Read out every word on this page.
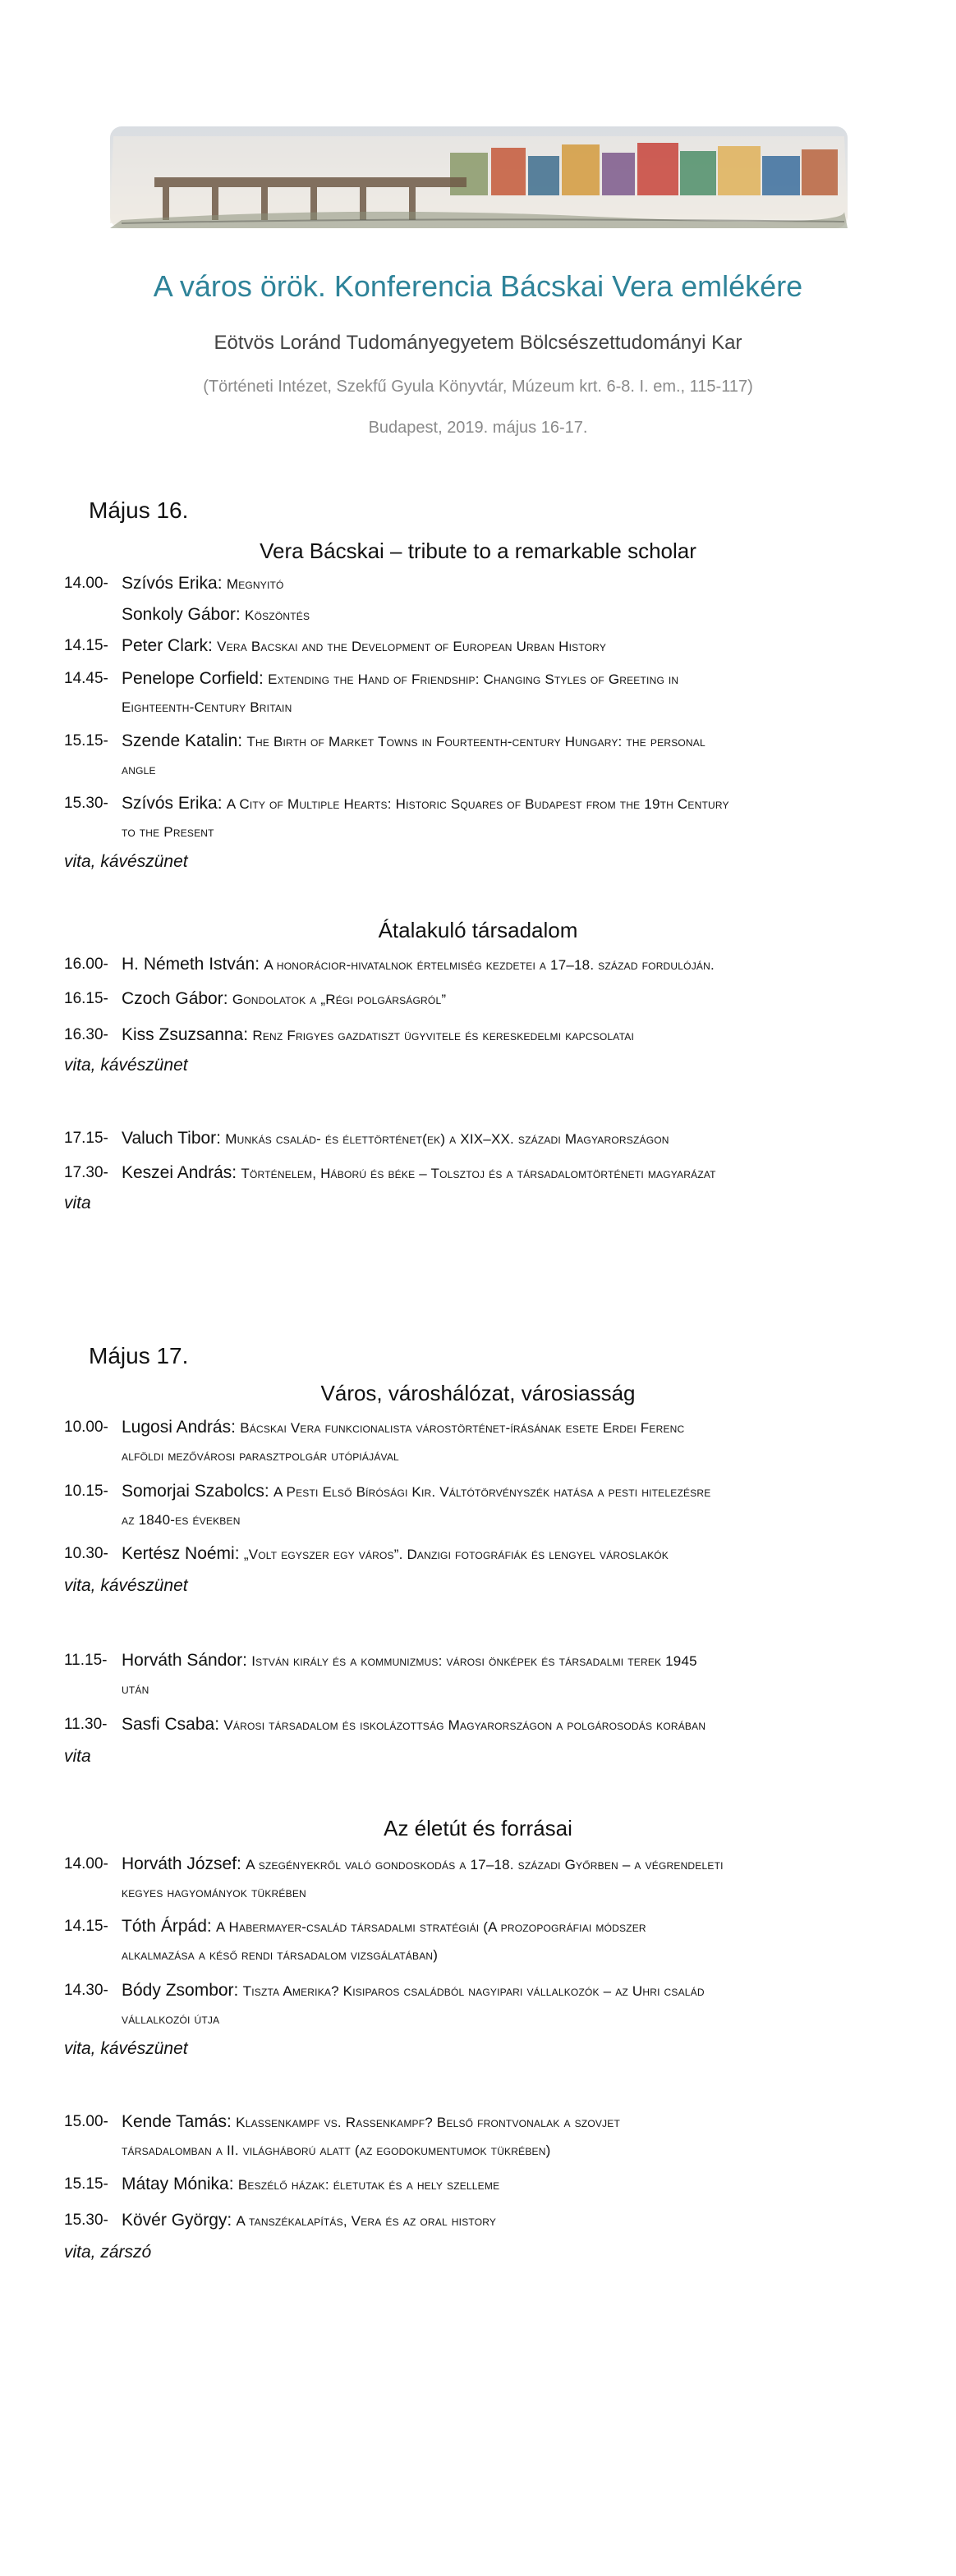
A város örök. Konferencia Bácskai Vera emlékére
Eötvös Loránd Tudományegyetem Bölcsészettudományi Kar
(Történeti Intézet, Szekfű Gyula Könyvtár, Múzeum krt. 6-8. I. em., 115-117)
Budapest, 2019. május 16-17.
Május 16.
Vera Bácskai – tribute to a remarkable scholar
14.00- Szívós Erika: Megnyitó
Sonkoly Gábor: Köszöntés
14.15- Peter Clark: Vera Bacskai and the Development of European Urban History
14.45- Penelope Corfield: Extending the Hand of Friendship: Changing Styles of Greeting in
Eighteenth-Century Britain
15.15- Szende Katalin: The Birth of Market Towns in Fourteenth-century Hungary: the personal
angle
15.30- Szívós Erika: A City of Multiple Hearts: Historic Squares of Budapest from the 19th Century
to the Present
vita, kávészünet
Átalakuló társadalom
16.00- H. Németh István: A honorácior-hivatalnok értelmiség kezdetei a 17–18. század fordulóján.
16.15- Czoch Gábor: Gondolatok a „Régi polgárságról”
16.30- Kiss Zsuzsanna: Renz Frigyes gazdatiszt ügyvitele és kereskedelmi kapcsolatai
vita, kávészünet
17.15- Valuch Tibor: Munkás család- és élettörténet(ek) a XIX–XX. századi Magyarországon
17.30- Keszei András: Történelem, Háború és béke – Tolsztoj és a társadalomtörténeti magyarázat
vita
Május 17.
Város, városhálózat, városiasság
10.00- Lugosi András: Bácskai Vera funkcionalista várostörténet-írásának esete Erdei Ferenc
alföldi mezővárosi parasztpolgár utópiájával
10.15- Somorjai Szabolcs: A Pesti Első Bírósági Kir. Váltótörvényszék hatása a pesti hitelezésre
az 1840-es években
10.30- Kertész Noémi: „Volt egyszer egy város”. Danzigi fotográfiák és lengyel városlakók
vita, kávészünet
11.15- Horváth Sándor: István király és a kommunizmus: városi önképek és társadalmi terek 1945
után
11.30- Sasfi Csaba: Városi társadalom és iskolázottság Magyarországon a polgárosodás korában
vita
Az életút és forrásai
14.00- Horváth József: A szegényekről való gondoskodás a 17–18. századi Győrben – a végrendeleti
kegyes hagyományok tükrében
14.15- Tóth Árpád: A Habermayer-család társadalmi stratégiái (A prozopográfiai módszer
alkalmazása a késő rendi társadalom vizsgálatában)
14.30- Bódy Zsombor: Tiszta Amerika? Kisiparos családból nagyipari vállalkozók – az Uhri család
vállalkozói útja
vita, kávészünet
15.00- Kende Tamás: Klassenkampf vs. Rassenkampf? Belső frontvonalak a szovjet
társadalomban a II. világháború alatt (az egodokumentumok tükrében)
15.15- Mátay Mónika: Beszélő házak: életutak és a hely szelleme
15.30- Kövér György: A tanszékalapítás, Vera és az oral history
vita, zárszó
